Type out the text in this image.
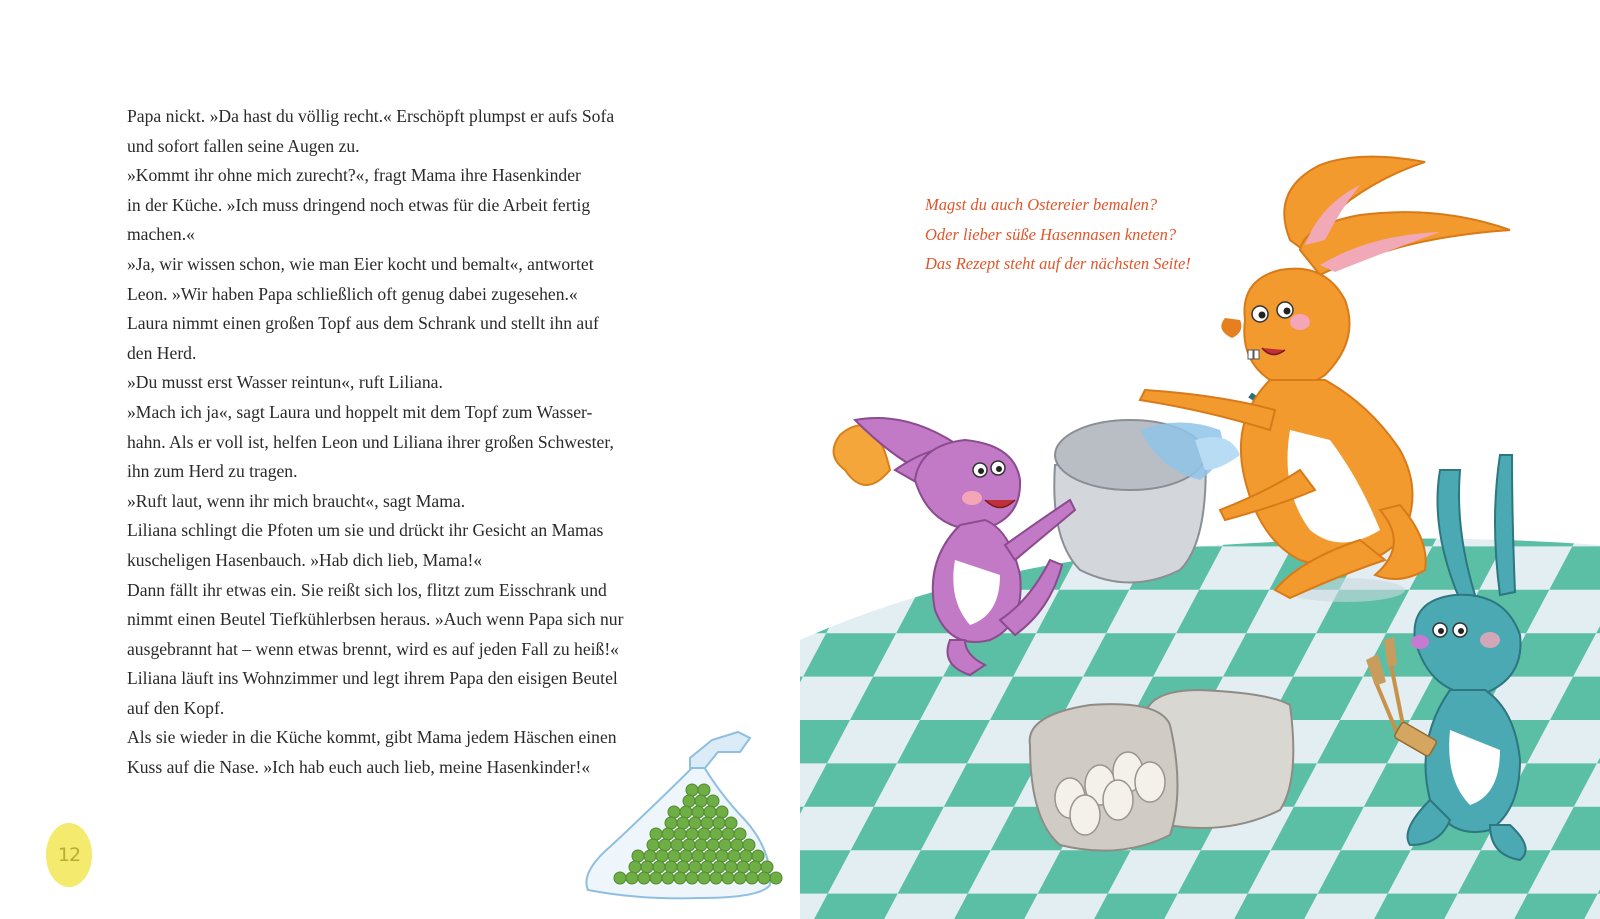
Papa nickt. »Da hast du völlig recht.« Erschöpft plumpst er aufs Sofa
und sofort fallen seine Augen zu.

»Kommt ihr ohne mich zurecht?«, fragt Mama ihre Hasenkinder
in der Küche. »Ich muss dringend noch etwas für die Arbeit fertig
machen.«

»Ja, wir wissen schon, wie man Eier kocht und bemalt«, antwortet
Leon. »Wir haben Papa schließlich oft genug dabei zugesehen.«

Laura nimmt einen großen Topf aus dem Schrank und stellt ihn auf
den Herd.

»Du musst erst Wasser reintun«, ruft Liliana.

»Mach ich ja«, sagt Laura und hoppelt mit dem Topf zum Wasser-
hahn. Als er voll ist, helfen Leon und Liliana ihrer großen Schwester,
ihn zum Herd zu tragen.

»Ruft laut, wenn ihr mich braucht«, sagt Mama.

Liliana schlingt die Pfoten um sie und drückt ihr Gesicht an Mamas
kuscheligen Hasenbauch. »Hab dich lieb, Mama!«

Dann fällt ihr etwas ein. Sie reißt sich los, flitzt zum Eisschrank und
nimmt einen Beutel Tiefkühlerbsen heraus. »Auch wenn Papa sich nur
ausgebrannt hat – wenn etwas brennt, wird es auf jeden Fall zu heiß!«
Liliana läuft ins Wohnzimmer und legt ihrem Papa den eisigen Beutel
auf den Kopf.

Als sie wieder in die Küche kommt, gibt Mama jedem Häschen einen
Kuss auf die Nase. »Ich hab euch auch lieb, meine Hasenkinder!«

12
Magst du auch Ostereier bemalen?
Oder lieber süße Hasennasen kneten?
Das Rezept steht auf der nächsten Seite!
